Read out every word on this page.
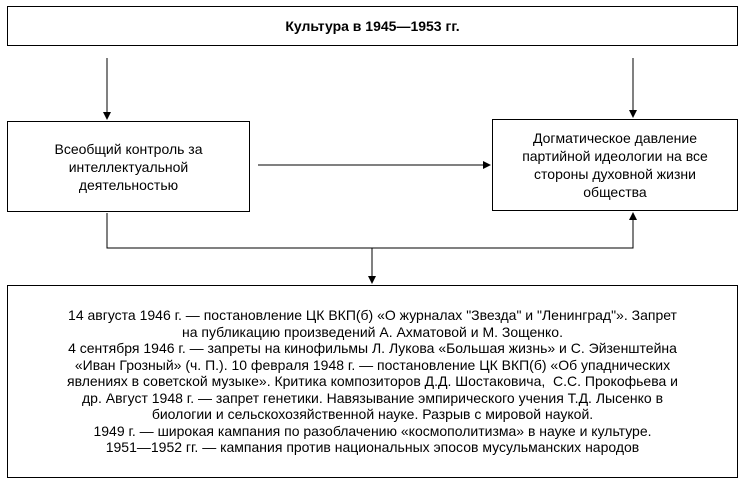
Культура в 1945—1953 гг.
Всеобщий контроль за
интеллектуальной
деятельностью
Догматическое давление
партийной идеологии на все
стороны духовной жизни
общества
14 августа 1946 г. — постановление ЦК ВКП(б) «О журналах "Звезда" и "Ленинград"». Запрет
на публикацию произведений А. Ахматовой и М. Зощенко.
4 сентября 1946 г. — запреты на кинофильмы Л. Лукова «Большая жизнь» и С. Эйзенштейна
«Иван Грозный» (ч. П.). 10 февраля 1948 г. — постановление ЦК ВКП(б) «Об упаднических
явлениях в советской музыке». Критика композиторов Д.Д. Шостаковича,  С.С. Прокофьева и
др. Август 1948 г. — запрет генетики. Навязывание эмпирического учения Т.Д. Лысенко в
биологии и сельскохозяйственной науке. Разрыв с мировой наукой.
1949 г. — широкая кампания по разоблачению «космополитизма» в науке и культуре.
1951—1952 гг. — кампания против национальных эпосов мусульманских народов
